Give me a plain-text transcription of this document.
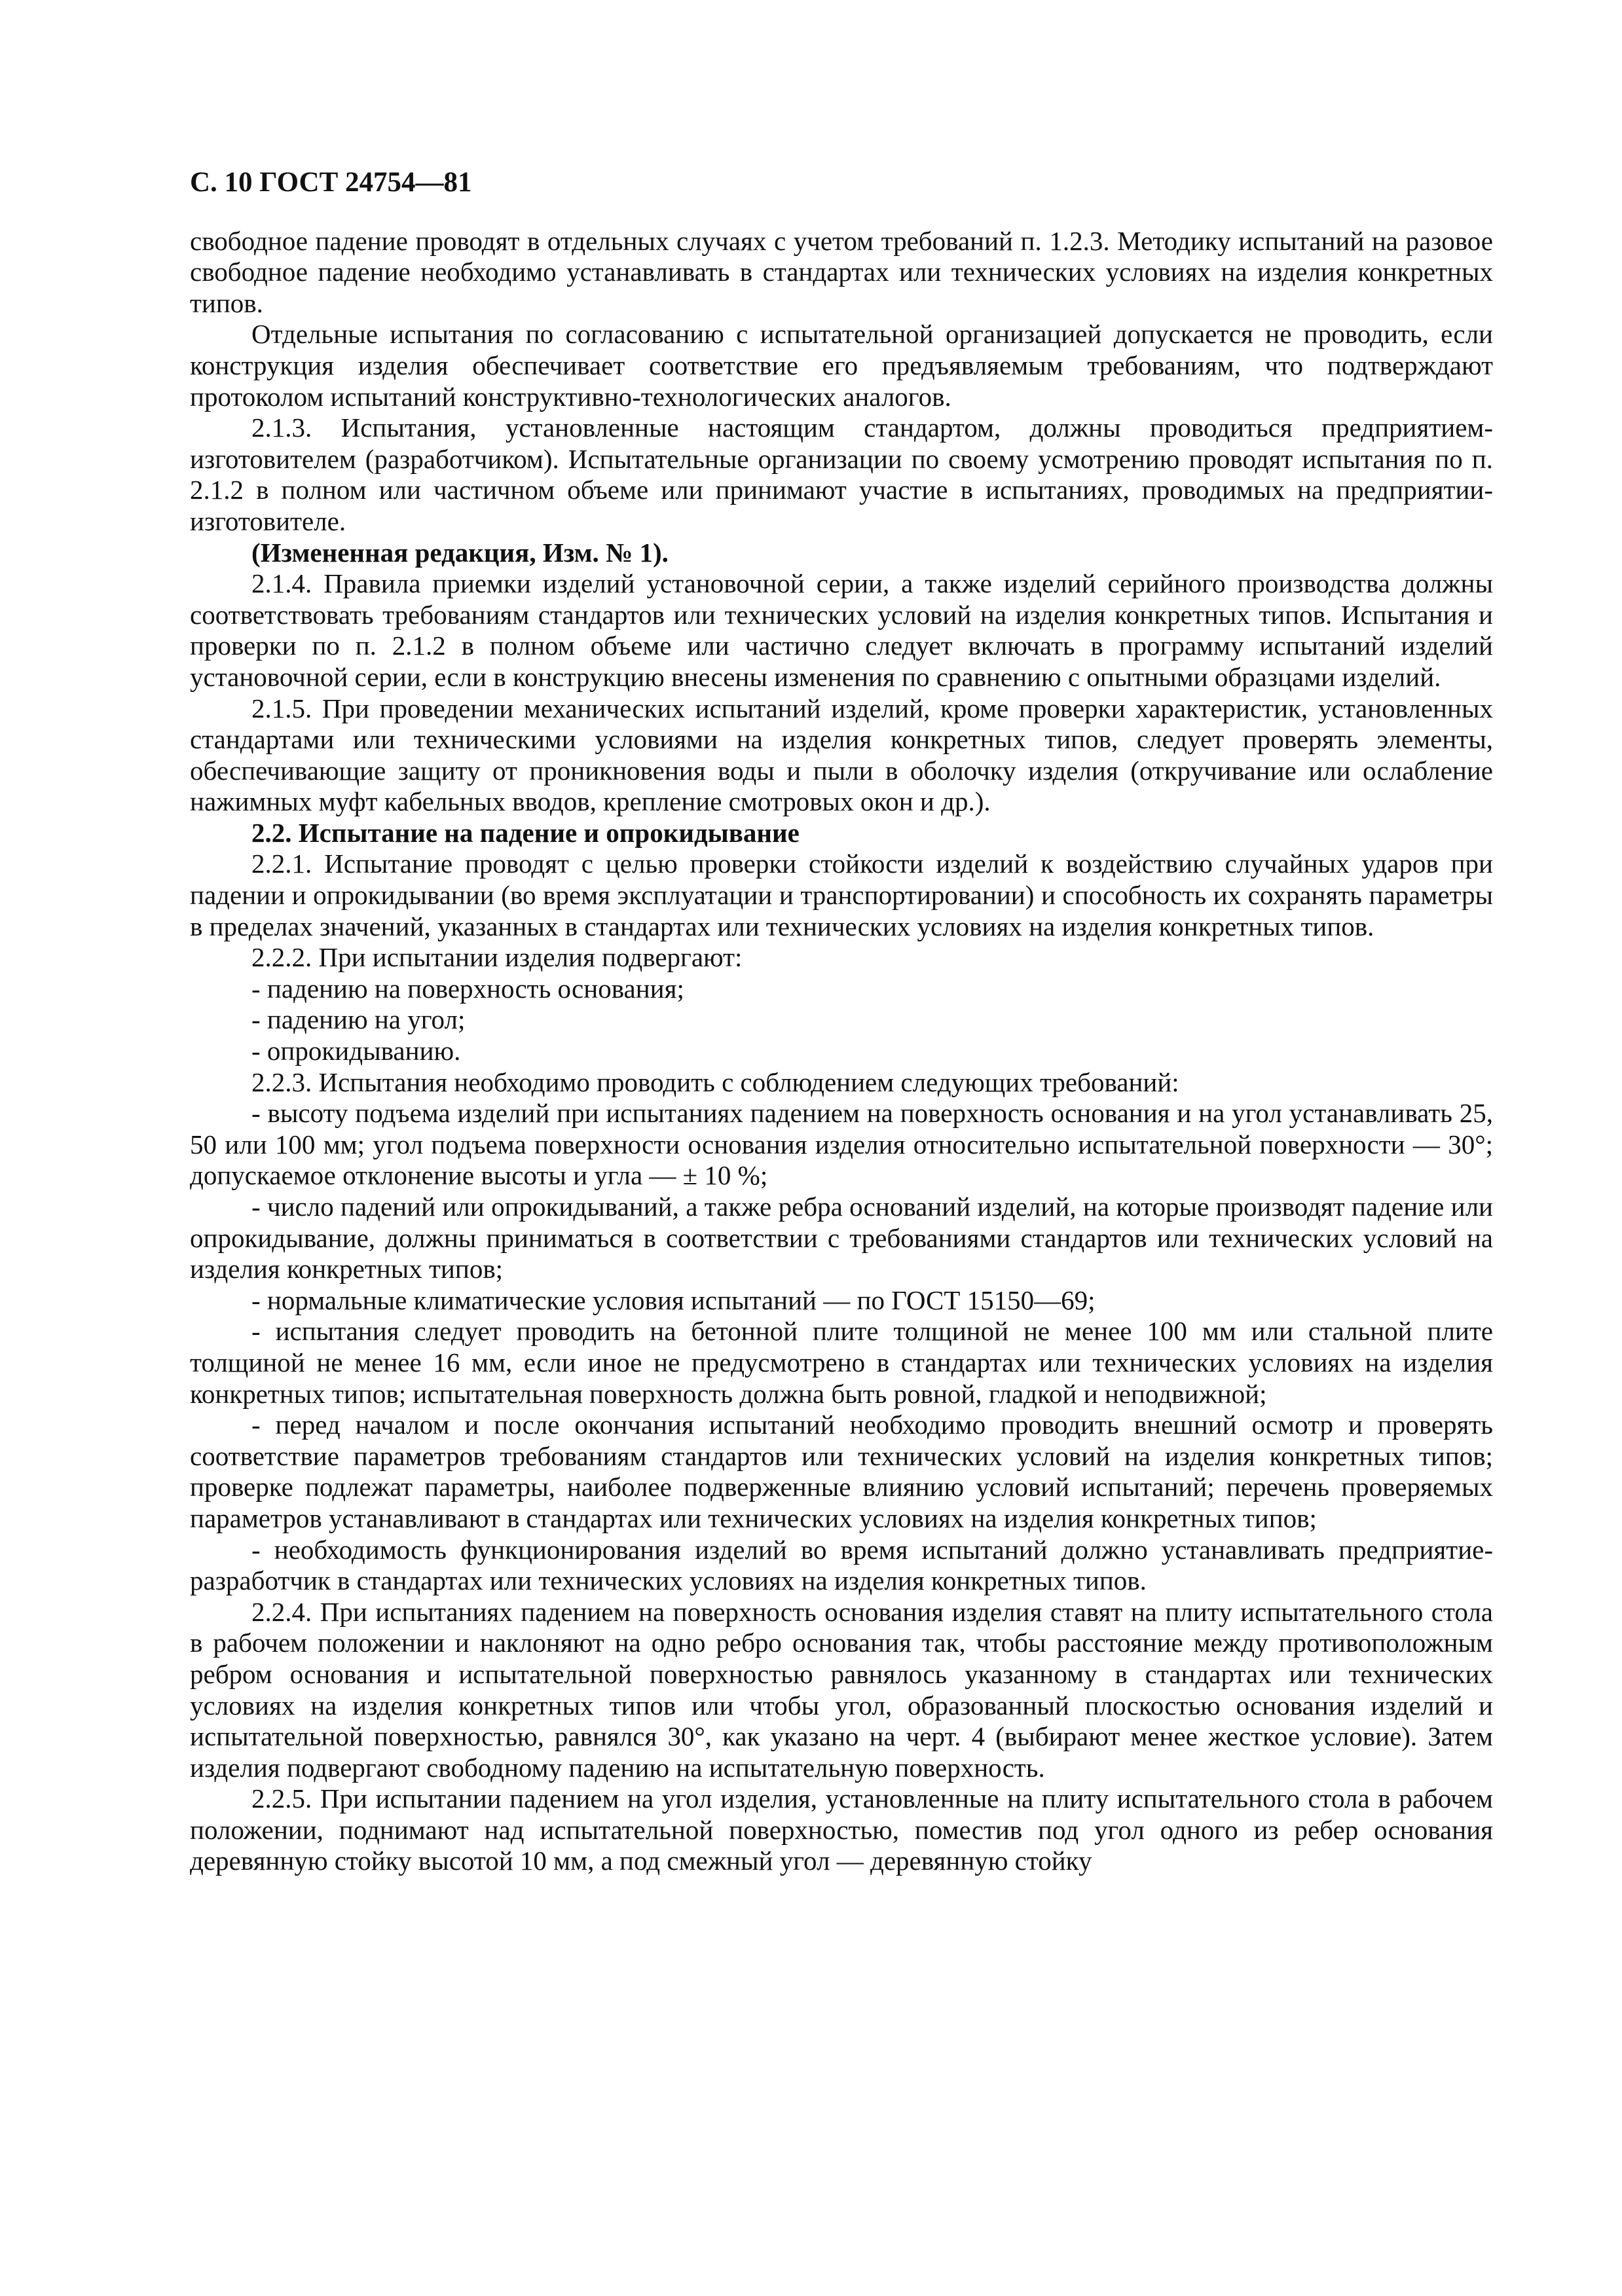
С. 10 ГОСТ 24754—81

свободное падение проводят в отдельных случаях с учетом требований п. 1.2.3. Методику испытаний на разовое свободное падение необходимо устанавливать в стандартах или технических условиях на изделия конкретных типов.

Отдельные испытания по согласованию с испытательной организацией допускается не проводить, если конструкция изделия обеспечивает соответствие его предъявляемым требованиям, что подтверждают протоколом испытаний конструктивно-технологических аналогов.

2.1.3. Испытания, установленные настоящим стандартом, должны проводиться предприятием-изготовителем (разработчиком). Испытательные организации по своему усмотрению проводят испытания по п. 2.1.2 в полном или частичном объеме или принимают участие в испытаниях, проводимых на предприятии-изготовителе.

(Измененная редакция, Изм. № 1).

2.1.4. Правила приемки изделий установочной серии, а также изделий серийного производства должны соответствовать требованиям стандартов или технических условий на изделия конкретных типов. Испытания и проверки по п. 2.1.2 в полном объеме или частично следует включать в программу испытаний изделий установочной серии, если в конструкцию внесены изменения по сравнению с опытными образцами изделий.

2.1.5. При проведении механических испытаний изделий, кроме проверки характеристик, установленных стандартами или техническими условиями на изделия конкретных типов, следует проверять элементы, обеспечивающие защиту от проникновения воды и пыли в оболочку изделия (откручивание или ослабление нажимных муфт кабельных вводов, крепление смотровых окон и др.).

2.2. Испытание на падение и опрокидывание

2.2.1. Испытание проводят с целью проверки стойкости изделий к воздействию случайных ударов при падении и опрокидывании (во время эксплуатации и транспортировании) и способность их сохранять параметры в пределах значений, указанных в стандартах или технических условиях на изделия конкретных типов.

2.2.2. При испытании изделия подвергают:

- падению на поверхность основания;

- падению на угол;

- опрокидыванию.

2.2.3. Испытания необходимо проводить с соблюдением следующих требований:

- высоту подъема изделий при испытаниях падением на поверхность основания и на угол устанавливать 25, 50 или 100 мм; угол подъема поверхности основания изделия относительно испытательной поверхности — 30°; допускаемое отклонение высоты и угла — ± 10 %;

- число падений или опрокидываний, а также ребра оснований изделий, на которые производят падение или опрокидывание, должны приниматься в соответствии с требованиями стандартов или технических условий на изделия конкретных типов;

- нормальные климатические условия испытаний — по ГОСТ 15150—69;

- испытания следует проводить на бетонной плите толщиной не менее 100 мм или стальной плите толщиной не менее 16 мм, если иное не предусмотрено в стандартах или технических условиях на изделия конкретных типов; испытательная поверхность должна быть ровной, гладкой и неподвижной;

- перед началом и после окончания испытаний необходимо проводить внешний осмотр и проверять соответствие параметров требованиям стандартов или технических условий на изделия конкретных типов; проверке подлежат параметры, наиболее подверженные влиянию условий испытаний; перечень проверяемых параметров устанавливают в стандартах или технических условиях на изделия конкретных типов;

- необходимость функционирования изделий во время испытаний должно устанавливать предприятие-разработчик в стандартах или технических условиях на изделия конкретных типов.

2.2.4. При испытаниях падением на поверхность основания изделия ставят на плиту испытательного стола в рабочем положении и наклоняют на одно ребро основания так, чтобы расстояние между противоположным ребром основания и испытательной поверхностью равнялось указанному в стандартах или технических условиях на изделия конкретных типов или чтобы угол, образованный плоскостью основания изделий и испытательной поверхностью, равнялся 30°, как указано на черт. 4 (выбирают менее жесткое условие). Затем изделия подвергают свободному падению на испытательную поверхность.

2.2.5. При испытании падением на угол изделия, установленные на плиту испытательного стола в рабочем положении, поднимают над испытательной поверхностью, поместив под угол одного из ребер основания деревянную стойку высотой 10 мм, а под смежный угол — деревянную стойку
